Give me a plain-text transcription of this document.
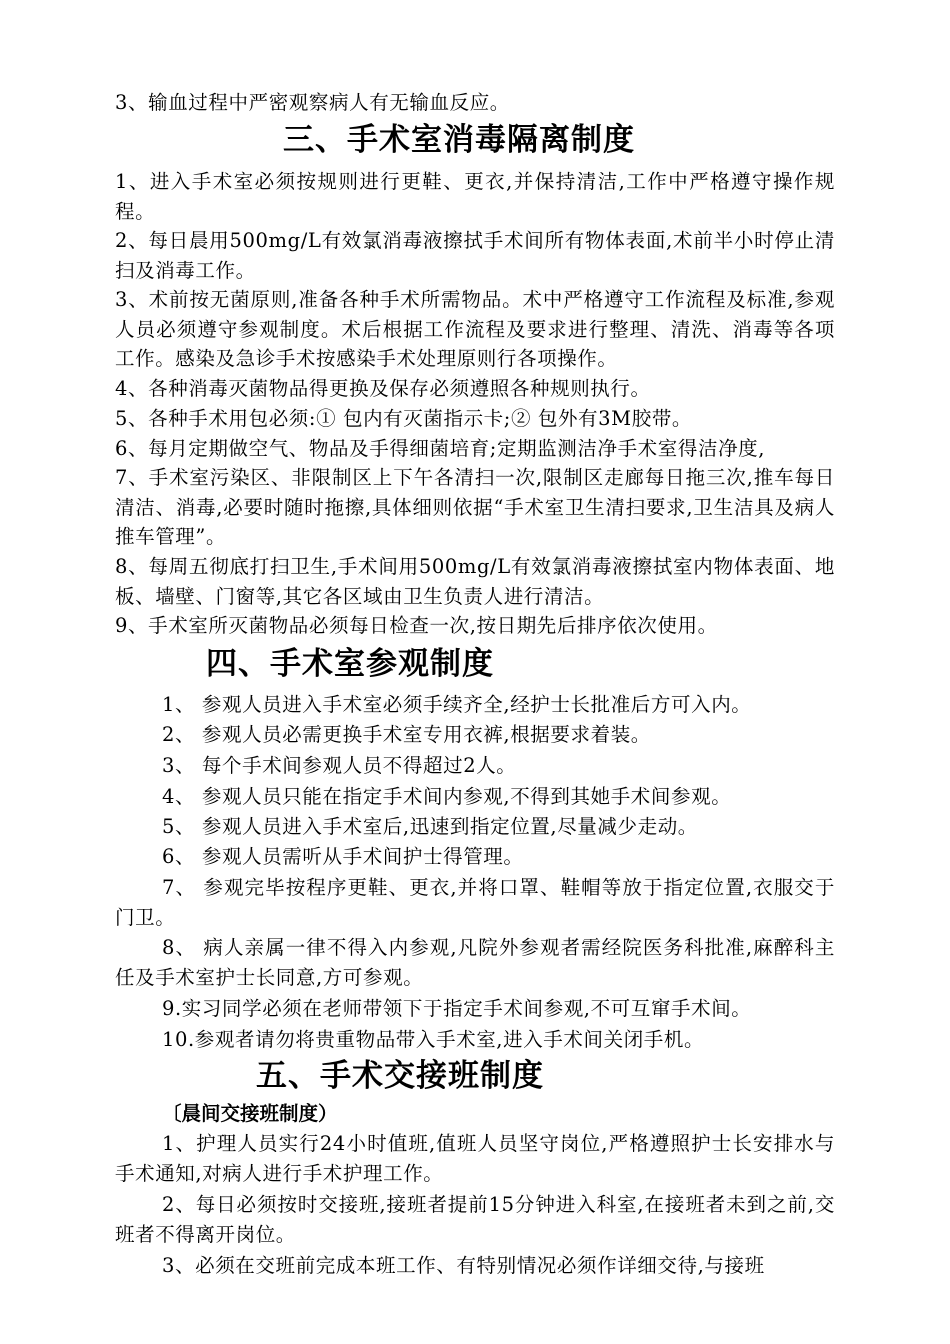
3、输血过程中严密观察病人有无输血反应。
三、手术室消毒隔离制度
1、进入手术室必须按规则进行更鞋、更衣,并保持清洁,工作中严格遵守操作规程。
2、每日晨用500mg/L有效氯消毒液擦拭手术间所有物体表面,术前半小时停止清扫及消毒工作。
3、术前按无菌原则,准备各种手术所需物品。术中严格遵守工作流程及标准,参观人员必须遵守参观制度。术后根据工作流程及要求进行整理、清洗、消毒等各项工作。感染及急诊手术按感染手术处理原则行各项操作。
4、各种消毒灭菌物品得更换及保存必须遵照各种规则执行。
5、各种手术用包必须:① 包内有灭菌指示卡;② 包外有3M胶带。
6、每月定期做空气、物品及手得细菌培育;定期监测洁净手术室得洁净度,
7、手术室污染区、非限制区上下午各清扫一次,限制区走廊每日拖三次,推车每日清洁、消毒,必要时随时拖擦,具体细则依据“手术室卫生清扫要求,卫生洁具及病人推车管理”。
8、每周五彻底打扫卫生,手术间用500mg/L有效氯消毒液擦拭室内物体表面、地板、墙壁、门窗等,其它各区域由卫生负责人进行清洁。
9、手术室所灭菌物品必须每日检查一次,按日期先后排序依次使用。
四、手术室参观制度
1、 参观人员进入手术室必须手续齐全,经护士长批准后方可入内。
2、 参观人员必需更换手术室专用衣裤,根据要求着装。
3、 每个手术间参观人员不得超过2人。
4、 参观人员只能在指定手术间内参观,不得到其她手术间参观。
5、 参观人员进入手术室后,迅速到指定位置,尽量减少走动。
6、 参观人员需听从手术间护士得管理。
7、 参观完毕按程序更鞋、更衣,并将口罩、鞋帽等放于指定位置,衣服交于门卫。
8、 病人亲属一律不得入内参观,凡院外参观者需经院医务科批准,麻醉科主任及手术室护士长同意,方可参观。
9.实习同学必须在老师带领下于指定手术间参观,不可互窜手术间。
10.参观者请勿将贵重物品带入手术室,进入手术间关闭手机。
五、手术交接班制度
〔晨间交接班制度）
1、护理人员实行24小时值班,值班人员坚守岗位,严格遵照护士长安排水与手术通知,对病人进行手术护理工作。
2、每日必须按时交接班,接班者提前15分钟进入科室,在接班者未到之前,交班者不得离开岗位。
3、必须在交班前完成本班工作、有特别情况必须作详细交待,与接班
